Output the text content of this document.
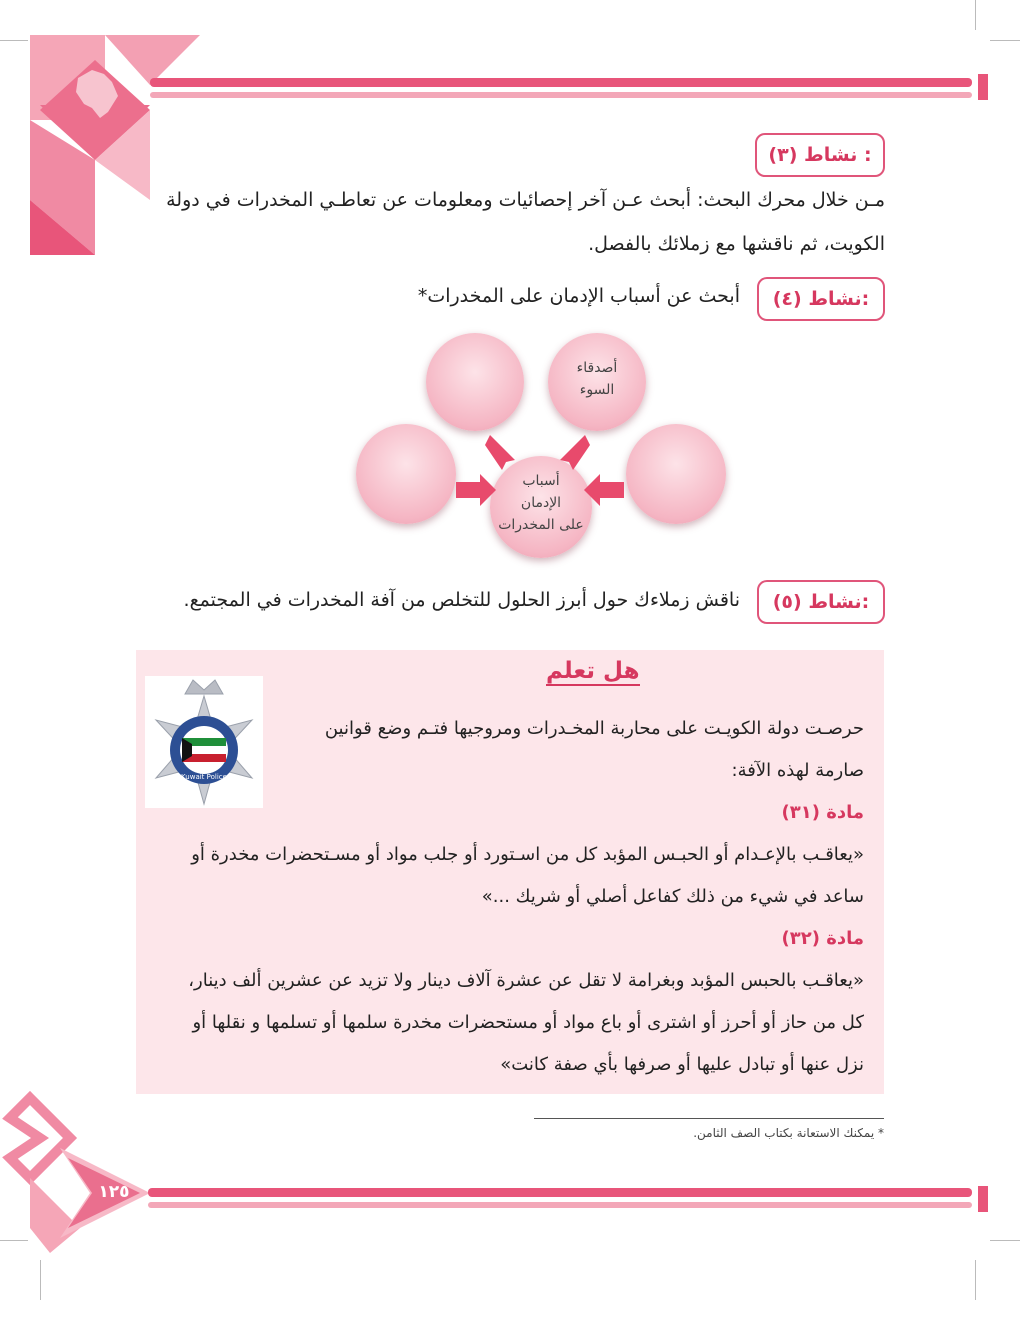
نشاط (٣) :
مـن خلال محرك البحث: أبحث عـن آخر إحصائيات ومعلومات عن تعاطـي المخدرات في دولة
الكويت، ثم ناقشها مع زملائك بالفصل.
نشاط (٤):
أبحث عن أسباب الإدمان على المخدرات*
أصدقاء
السوء
أسباب
الإدمان
على المخدرات
نشاط (٥):
ناقش زملاءك حول أبرز الحلول للتخلص من آفة المخدرات في المجتمع.
هل تعلم
Kuwait Police
حرصـت دولة الكويـت على محاربة المخـدرات ومروجيها فتـم وضع قوانين
صارمة لهذه الآفة:
مادة (٣١)
«يعاقـب بالإعـدام أو الحبـس المؤبد كل من اسـتورد أو جلب مواد أو مسـتحضرات مخدرة أو
ساعد في شيء من ذلك كفاعل أصلي أو شريك ...»
مادة (٣٢)
«يعاقـب بالحبس المؤبد وبغرامة لا تقل عن عشرة آلاف دينار ولا تزيد عن عشرين ألف دينار،
كل من حاز أو أحرز أو اشترى أو باع مواد أو مستحضرات مخدرة سلمها أو تسلمها و نقلها أو
نزل عنها أو تبادل عليها أو صرفها بأي صفة كانت»
* يمكنك الاستعانة بكتاب الصف الثامن.
١٢٥
